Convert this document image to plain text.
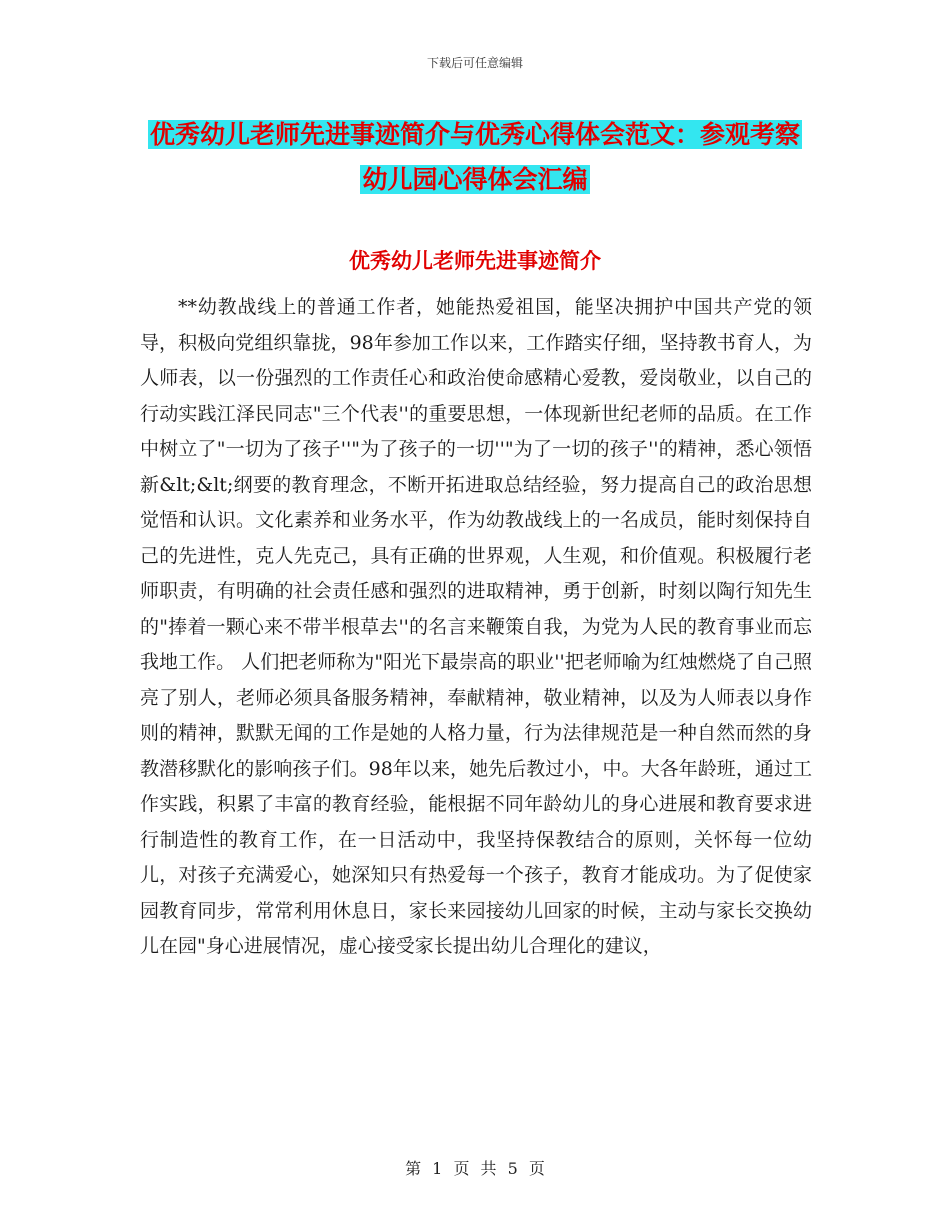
下载后可任意编辑
优秀幼儿老师先进事迹简介与优秀心得体会范文：参观考察幼儿园心得体会汇编
优秀幼儿老师先进事迹简介
**幼教战线上的普通工作者，她能热爱祖国，能坚决拥护中国共产党的领导，积极向党组织靠拢，98年参加工作以来，工作踏实仔细，坚持教书育人，为人师表，以一份强烈的工作责任心和政治使命感精心爱教，爱岗敬业，以自己的行动实践江泽民同志"三个代表''的重要思想，一体现新世纪老师的品质。在工作中树立了"一切为了孩子''"为了孩子的一切''"为了一切的孩子''的精神，悉心领悟新&lt;&lt;纲要的教育理念，不断开拓进取总结经验，努力提高自己的政治思想觉悟和认识。文化素养和业务水平，作为幼教战线上的一名成员，能时刻保持自己的先进性，克人先克己，具有正确的世界观，人生观，和价值观。积极履行老师职责，有明确的社会责任感和强烈的进取精神，勇于创新，时刻以陶行知先生的"捧着一颗心来不带半根草去''的名言来鞭策自我，为党为人民的教育事业而忘我地工作。 人们把老师称为"阳光下最崇高的职业''把老师喻为红烛燃烧了自己照亮了别人，老师必须具备服务精神，奉献精神，敬业精神，以及为人师表以身作则的精神，默默无闻的工作是她的人格力量，行为法律规范是一种自然而然的身教潜移默化的影响孩子们。98年以来，她先后教过小，中。大各年龄班，通过工作实践，积累了丰富的教育经验，能根据不同年龄幼儿的身心进展和教育要求进行制造性的教育工作，在一日活动中，我坚持保教结合的原则，关怀每一位幼儿，对孩子充满爱心，她深知只有热爱每一个孩子，教育才能成功。为了促使家园教育同步，常常利用休息日，家长来园接幼儿回家的时候，主动与家长交换幼儿在园"身心进展情况，虚心接受家长提出幼儿合理化的建议，
第 1 页 共 5 页
